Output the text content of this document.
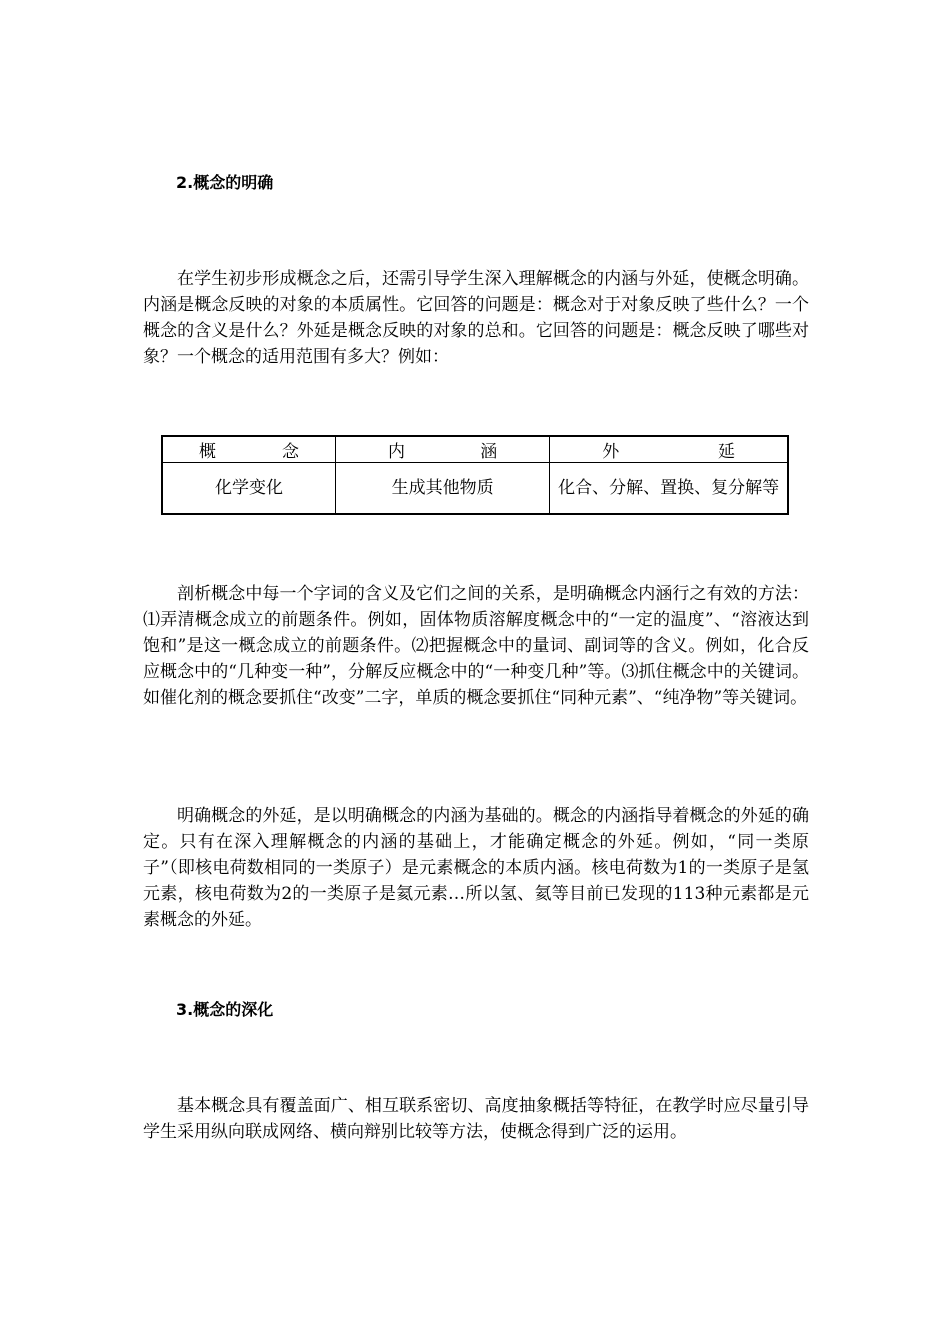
2.概念的明确

在学生初步形成概念之后，还需引导学生深入理解概念的内涵与外延，使概念明确。内涵是概念反映的对象的本质属性。它回答的问题是：概念对于对象反映了些什么？一个概念的含义是什么？外延是概念反映的对象的总和。它回答的问题是：概念反映了哪些对象？一个概念的适用范围有多大？例如：

概 念	内 涵	外 延

化学变化	生成其他物质	化合、分解、置换、复分解等

剖析概念中每一个字词的含义及它们之间的关系，是明确概念内涵行之有效的方法：⑴弄清概念成立的前题条件。例如，固体物质溶解度概念中的“一定的温度”、“溶液达到饱和”是这一概念成立的前题条件。⑵把握概念中的量词、副词等的含义。例如，化合反应概念中的“几种变一种”，分解反应概念中的“一种变几种”等。⑶抓住概念中的关键词。如催化剂的概念要抓住“改变”二字，单质的概念要抓住“同种元素”、“纯净物”等关键词。

明确概念的外延，是以明确概念的内涵为基础的。概念的内涵指导着概念的外延的确定。只有在深入理解概念的内涵的基础上，才能确定概念的外延。例如，“同一类原子”（即核电荷数相同的一类原子）是元素概念的本质内涵。核电荷数为1的一类原子是氢元素，核电荷数为2的一类原子是氦元素…所以氢、氦等目前已发现的113种元素都是元素概念的外延。

3.概念的深化

基本概念具有覆盖面广、相互联系密切、高度抽象概括等特征，在教学时应尽量引导学生采用纵向联成网络、横向辩别比较等方法，使概念得到广泛的运用。
